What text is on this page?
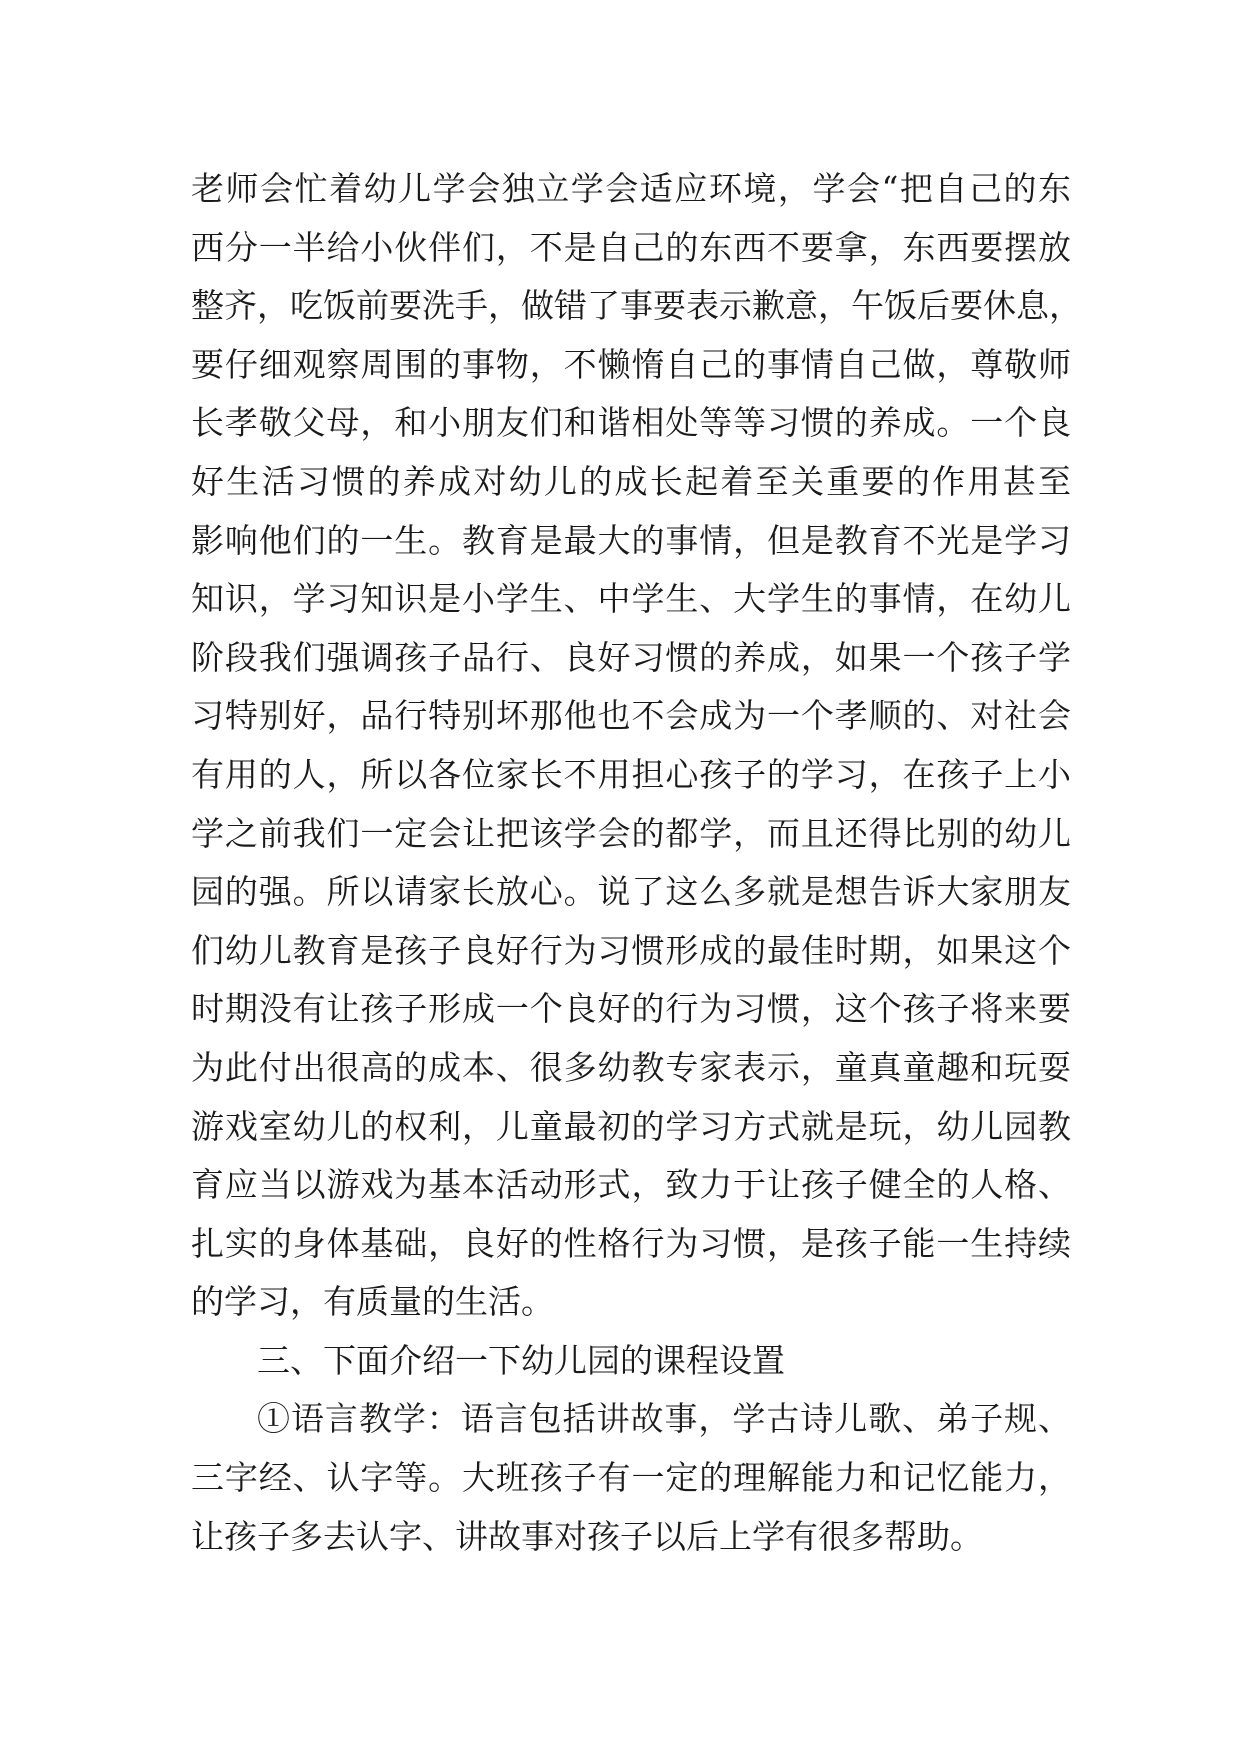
老师会忙着幼儿学会独立学会适应环境，学会“把自己的东
西分一半给小伙伴们，不是自己的东西不要拿，东西要摆放
整齐，吃饭前要洗手，做错了事要表示歉意，午饭后要休息，
要仔细观察周围的事物，不懒惰自己的事情自己做，尊敬师
长孝敬父母，和小朋友们和谐相处等等习惯的养成。一个良
好生活习惯的养成对幼儿的成长起着至关重要的作用甚至
影响他们的一生。教育是最大的事情，但是教育不光是学习
知识，学习知识是小学生、中学生、大学生的事情，在幼儿
阶段我们强调孩子品行、良好习惯的养成，如果一个孩子学
习特别好，品行特别坏那他也不会成为一个孝顺的、对社会
有用的人，所以各位家长不用担心孩子的学习，在孩子上小
学之前我们一定会让把该学会的都学，而且还得比别的幼儿
园的强。所以请家长放心。说了这么多就是想告诉大家朋友
们幼儿教育是孩子良好行为习惯形成的最佳时期，如果这个
时期没有让孩子形成一个良好的行为习惯，这个孩子将来要
为此付出很高的成本、很多幼教专家表示，童真童趣和玩耍
游戏室幼儿的权利，儿童最初的学习方式就是玩，幼儿园教
育应当以游戏为基本活动形式，致力于让孩子健全的人格、
扎实的身体基础，良好的性格行为习惯，是孩子能一生持续
的学习，有质量的生活。
三、下面介绍一下幼儿园的课程设置
①语言教学：语言包括讲故事，学古诗儿歌、弟子规、
三字经、认字等。大班孩子有一定的理解能力和记忆能力，
让孩子多去认字、讲故事对孩子以后上学有很多帮助。
